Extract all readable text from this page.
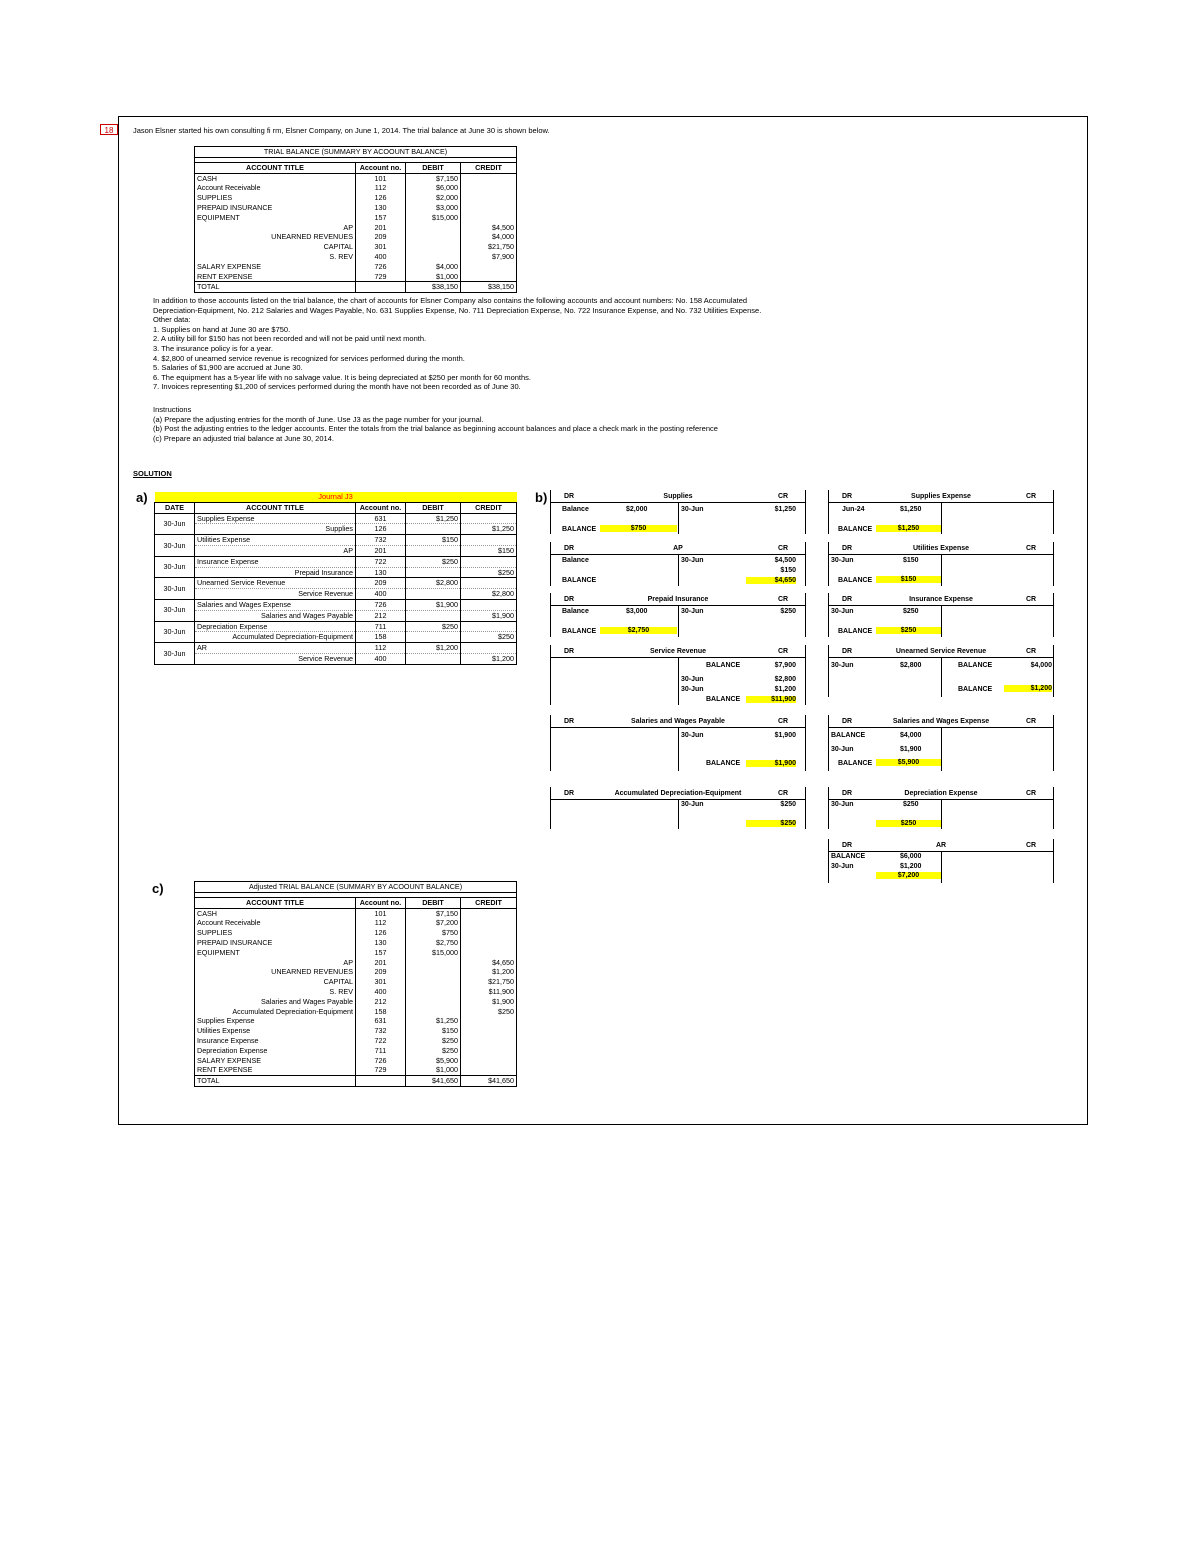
18	Jason Elsner started his own consulting fi rm, Elsner Company, on June 1, 2014. The trial balance at June 30 is shown below.
TRIAL BALANCE (SUMMARY BY ACOOUNT BALANCE)			

ACCOUNT TITLE	Account no.	DEBIT	CREDIT
CASH	101	$7,150	
Account Receivable	112	$6,000	
SUPPLIES	126	$2,000	
PREPAID INSURANCE	130	$3,000	
EQUIPMENT	157	$15,000	
AP	201		$4,500
UNEARNED REVENUES	209		$4,000
CAPITAL	301		$21,750
S. REV	400		$7,900
SALARY EXPENSE	726	$4,000	
RENT EXPENSE	729	$1,000	
TOTAL		$38,150	$38,150
In addition to those accounts listed on the trial balance, the chart of accounts for Elsner Company also contains the following accounts and account numbers: No. 158 Accumulated
Depreciation-Equipment, No. 212 Salaries and Wages Payable, No. 631 Supplies Expense, No. 711 Depreciation Expense, No. 722 Insurance Expense, and No. 732 Utilities Expense.
Other data:
1. Supplies on hand at June 30 are $750.
2. A utility bill for $150 has not been recorded and will not be paid until next month.
3. The insurance policy is for a year.
4. $2,800 of unearned service revenue is recognized for services performed during the month.
5. Salaries of $1,900 are accrued at June 30.
6. The equipment has a 5-year life with no salvage value. It is being depreciated at $250 per month for 60 months.
7. Invoices representing $1,200 of services performed during the month have not been recorded as of June 30.
Instructions
(a) Prepare the adjusting entries for the month of June. Use J3 as the page number for your journal.
(b) Post the adjusting entries to the ledger accounts. Enter the totals from the trial balance as beginning account balances and place a check mark in the posting reference
(c) Prepare an adjusted trial balance at June 30, 2014.
SOLUTION
a)	b)
c)
Journal J3				
DATE	ACCOUNT TITLE	Account no.	DEBIT	CREDIT
30-Jun	Supplies Expense	631	$1,250	
	Supplies	126		$1,250
30-Jun	Utilities Expense	732	$150	
	AP	201		$150
30-Jun	Insurance Expense	722	$250	
	Prepaid Insurance	130		$250
30-Jun	Unearned Service Revenue	209	$2,800	
	Service Revenue	400		$2,800
30-Jun	Salaries and Wages Expense	726	$1,900	
	Salaries and Wages Payable	212		$1,900
30-Jun	Depreciation Expense	711	$250	
	Accumulated Depreciation-Equipment	158		$250
30-Jun	AR	112	$1,200	
	Service Revenue	400		$1,200
DR	CR
Supplies
Balance	$2,000	30-Jun	$1,250
BALANCE	$750
DR	CR
AP
Balance	30-Jun	$4,500
$150
BALANCE	$4,650
DR	CR
Prepaid Insurance
Balance	$3,000	30-Jun	$250
BALANCE	$2,750
DR	CR
Service Revenue
BALANCE	$7,900
30-Jun	$2,800
30-Jun	$1,200
BALANCE	$11,900
DR	CR
Salaries and Wages Payable
30-Jun	$1,900
BALANCE	$1,900
DR	CR
Accumulated Depreciation-Equipment
30-Jun	$250
$250
DR	CR
Supplies Expense
Jun-24	$1,250
BALANCE	$1,250
DR	CR
Utilities Expense
30-Jun	$150
BALANCE	$150
DR	CR
Insurance Expense
30-Jun	$250
BALANCE	$250
DR	CR
Unearned Service Revenue
30-Jun	$2,800	BALANCE	$4,000
BALANCE	$1,200
DR	CR
Salaries and Wages Expense
BALANCE	$4,000
30-Jun	$1,900
BALANCE	$5,900
DR	CR
Depreciation Expense
30-Jun	$250
$250
DR	CR
AR
BALANCE	$6,000
30-Jun	$1,200
$7,200
Adjusted TRIAL BALANCE (SUMMARY BY ACOOUNT BALANCE)			

ACCOUNT TITLE	Account no.	DEBIT	CREDIT
CASH	101	$7,150	
Account Receivable	112	$7,200	
SUPPLIES	126	$750	
PREPAID INSURANCE	130	$2,750	
EQUIPMENT	157	$15,000	
AP	201		$4,650
UNEARNED REVENUES	209		$1,200
CAPITAL	301		$21,750
S. REV	400		$11,900
Salaries and Wages Payable	212		$1,900
Accumulated Depreciation-Equipment	158		$250
Supplies Expense	631	$1,250	
Utilities Expense	732	$150	
Insurance Expense	722	$250	
Depreciation Expense	711	$250	
SALARY EXPENSE	726	$5,900	
RENT EXPENSE	729	$1,000	
TOTAL		$41,650	$41,650
